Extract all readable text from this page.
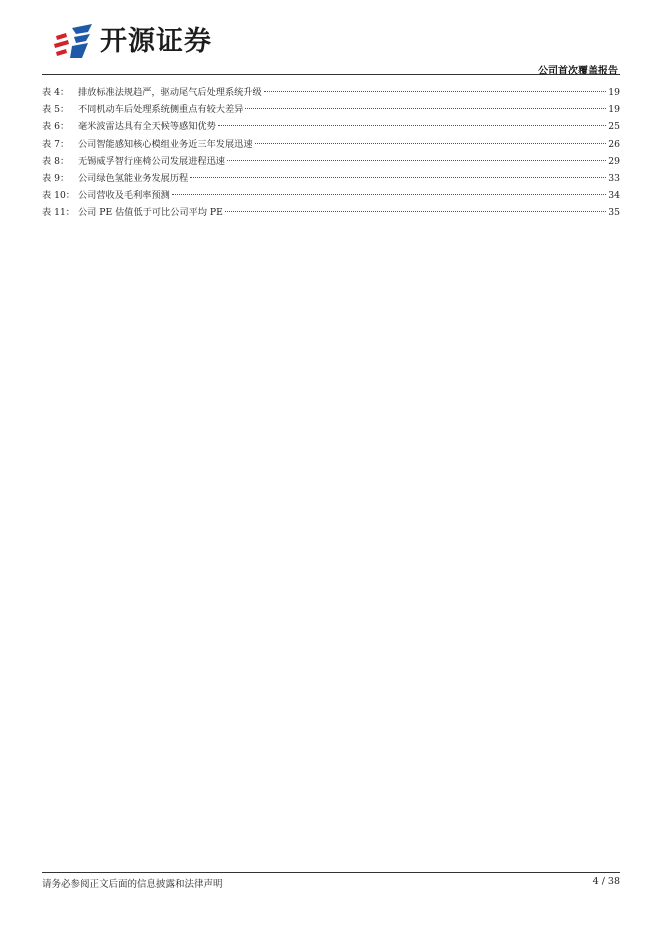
开源证券
公司首次覆盖报告
表 4： 排放标准法规趋严，驱动尾气后处理系统升级	19
表 5： 不同机动车后处理系统侧重点有较大差异	19
表 6： 毫米波雷达具有全天候等感知优势	25
表 7： 公司智能感知核心模组业务近三年发展迅速	26
表 8： 无锡威孚智行座椅公司发展进程迅速	29
表 9： 公司绿色氢能业务发展历程	33
表 10： 公司营收及毛利率预测	34
表 11： 公司 PE 估值低于可比公司平均 PE	35
请务必参阅正文后面的信息披露和法律声明	4 / 38
